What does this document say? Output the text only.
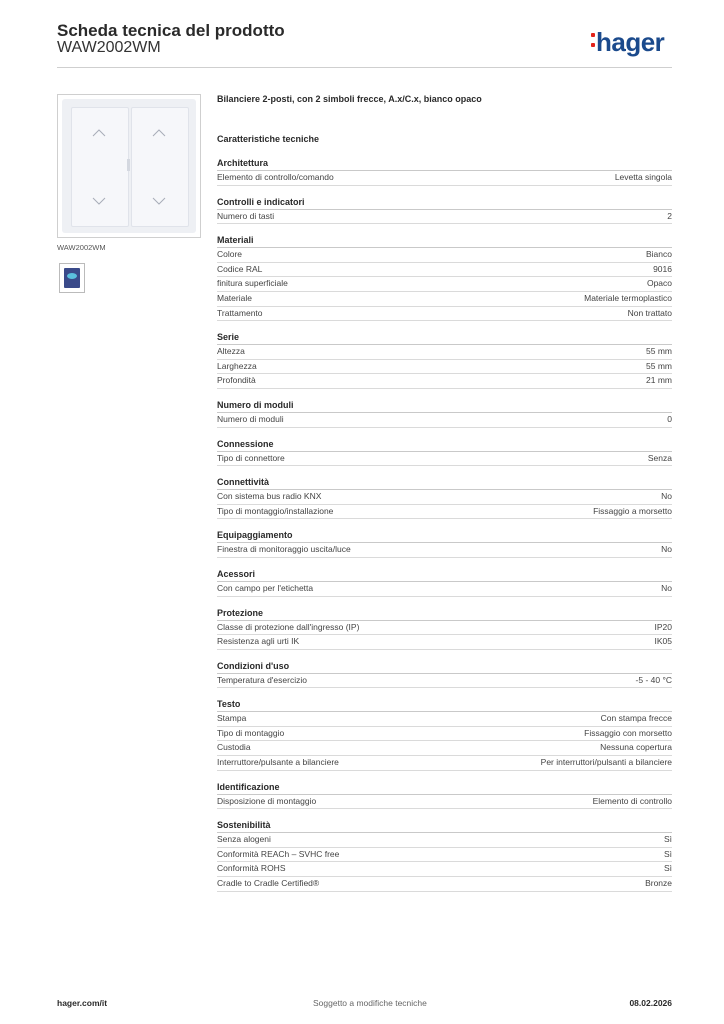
Scheda tecnica del prodotto
WAW2002WM	hager
WAW2002WM
Bilanciere 2-posti, con 2 simboli frecce, A.x/C.x, bianco opaco
Caratteristiche tecniche
Architettura
Elemento di controllo/comando	Levetta singola
Controlli e indicatori
Numero di tasti	2
Materiali
Colore	Bianco
Codice RAL	9016
finitura superficiale	Opaco
Materiale	Materiale termoplastico
Trattamento	Non trattato
Serie
Altezza	55 mm
Larghezza	55 mm
Profondità	21 mm
Numero di moduli
Numero di moduli	0
Connessione
Tipo di connettore	Senza
Connettività
Con sistema bus radio KNX	No
Tipo di montaggio/installazione	Fissaggio a morsetto
Equipaggiamento
Finestra di monitoraggio uscita/luce	No
Acessori
Con campo per l'etichetta	No
Protezione
Classe di protezione dall'ingresso (IP)	IP20
Resistenza agli urti IK	IK05
Condizioni d'uso
Temperatura d'esercizio	-5 - 40 °C
Testo
Stampa	Con stampa frecce
Tipo di montaggio	Fissaggio con morsetto
Custodia	Nessuna copertura
Interruttore/pulsante a bilanciere	Per interruttori/pulsanti a bilanciere
Identificazione
Disposizione di montaggio	Elemento di controllo
Sostenibilità
Senza alogeni	Sì
Conformità REACh – SVHC free	Sì
Conformità ROHS	Sì
Cradle to Cradle Certified®	Bronze
hager.com/it	Soggetto a modifiche tecniche	08.02.2026
